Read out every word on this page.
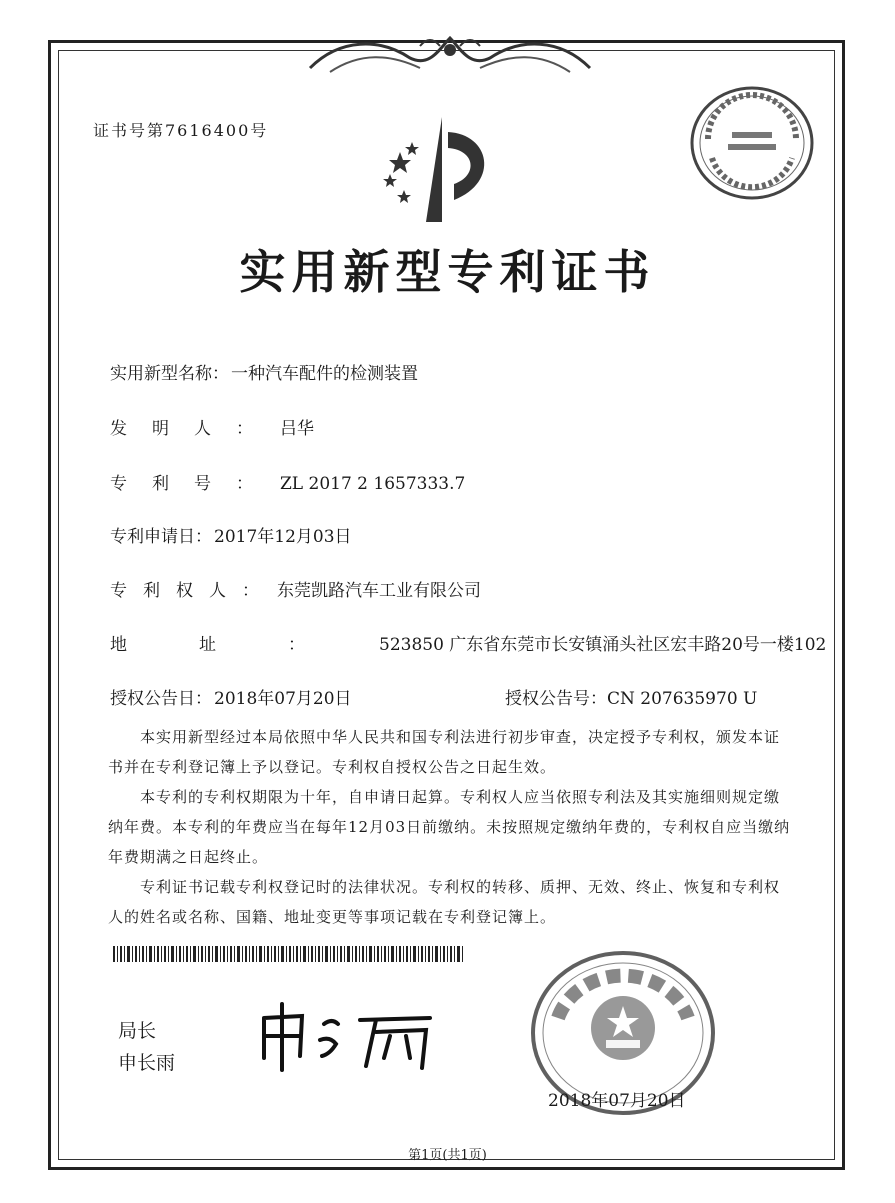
证书号第7616400号
实用新型专利证书
实用新型名称： 一种汽车配件的检测装置
发明人： 吕华
专利号： ZL 2017 2 1657333.7
专利申请日： 2017年12月03日
专利权人： 东莞凯路汽车工业有限公司
地址： 523850 广东省东莞市长安镇涌头社区宏丰路20号一楼102
授权公告日： 2018年07月20日	授权公告号：CN 207635970 U
本实用新型经过本局依照中华人民共和国专利法进行初步审查，决定授予专利权，颁发本证书并在专利登记簿上予以登记。专利权自授权公告之日起生效。
本专利的专利权期限为十年，自申请日起算。专利权人应当依照专利法及其实施细则规定缴纳年费。本专利的年费应当在每年12月03日前缴纳。未按照规定缴纳年费的，专利权自应当缴纳年费期满之日起终止。
专利证书记载专利权登记时的法律状况。专利权的转移、质押、无效、终止、恢复和专利权人的姓名或名称、国籍、地址变更等事项记载在专利登记簿上。
局长
申长雨
2018年07月20日
第1页(共1页)
